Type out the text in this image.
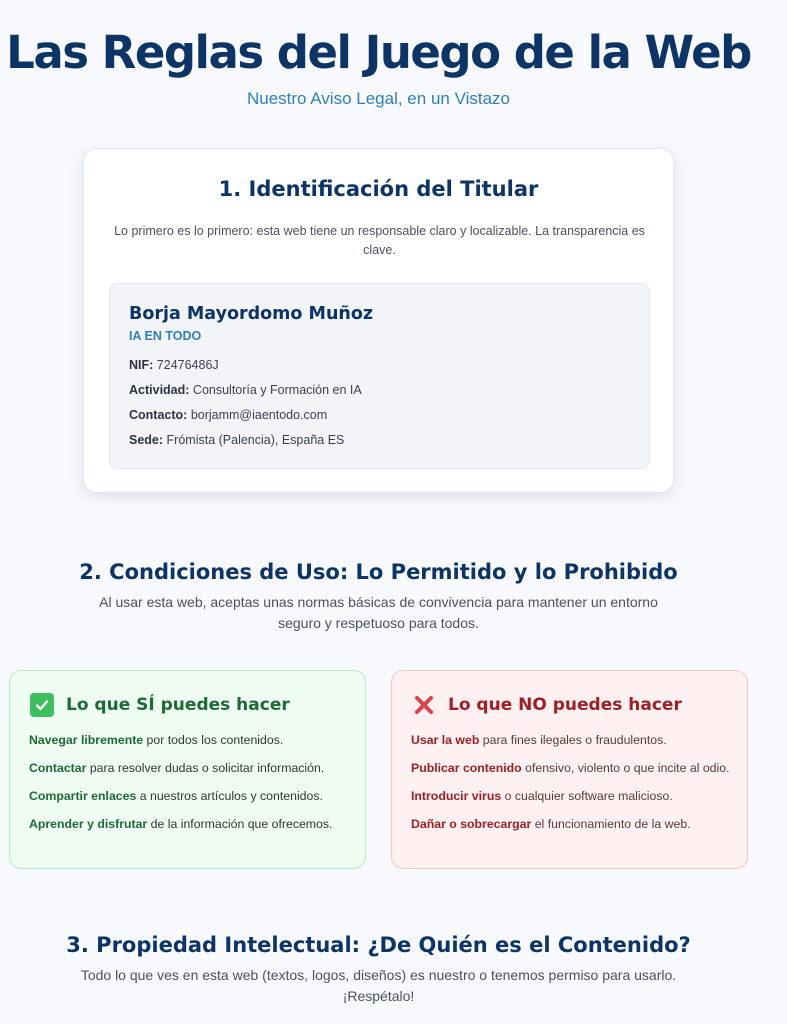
Las Reglas del Juego de la Web
Nuestro Aviso Legal, en un Vistazo
1. Identificación del Titular

Lo primero es lo primero: esta web tiene un responsable claro y localizable. La transparencia es clave.

Borja Mayordomo Muñoz
IA EN TODO
NIF: 72476486J
Actividad: Consultoría y Formación en IA
Contacto: borjamm@iaentodo.com
Sede: Frómista (Palencia), España ES
2. Condiciones de Uso: Lo Permitido y lo Prohibido

Al usar esta web, aceptas unas normas básicas de convivencia para mantener un entorno seguro y respetuoso para todos.

Lo que SÍ puedes hacer
Navegar libremente por todos los contenidos.
Contactar para resolver dudas o solicitar información.
Compartir enlaces a nuestros artículos y contenidos.
Aprender y disfrutar de la información que ofrecemos.
Lo que NO puedes hacer
Usar la web para fines ilegales o fraudulentos.
Publicar contenido ofensivo, violento o que incite al odio.
Introducir virus o cualquier software malicioso.
Dañar o sobrecargar el funcionamiento de la web.
3. Propiedad Intelectual: ¿De Quién es el Contenido?

Todo lo que ves en esta web (textos, logos, diseños) es nuestro o tenemos permiso para usarlo. ¡Respétalo!
